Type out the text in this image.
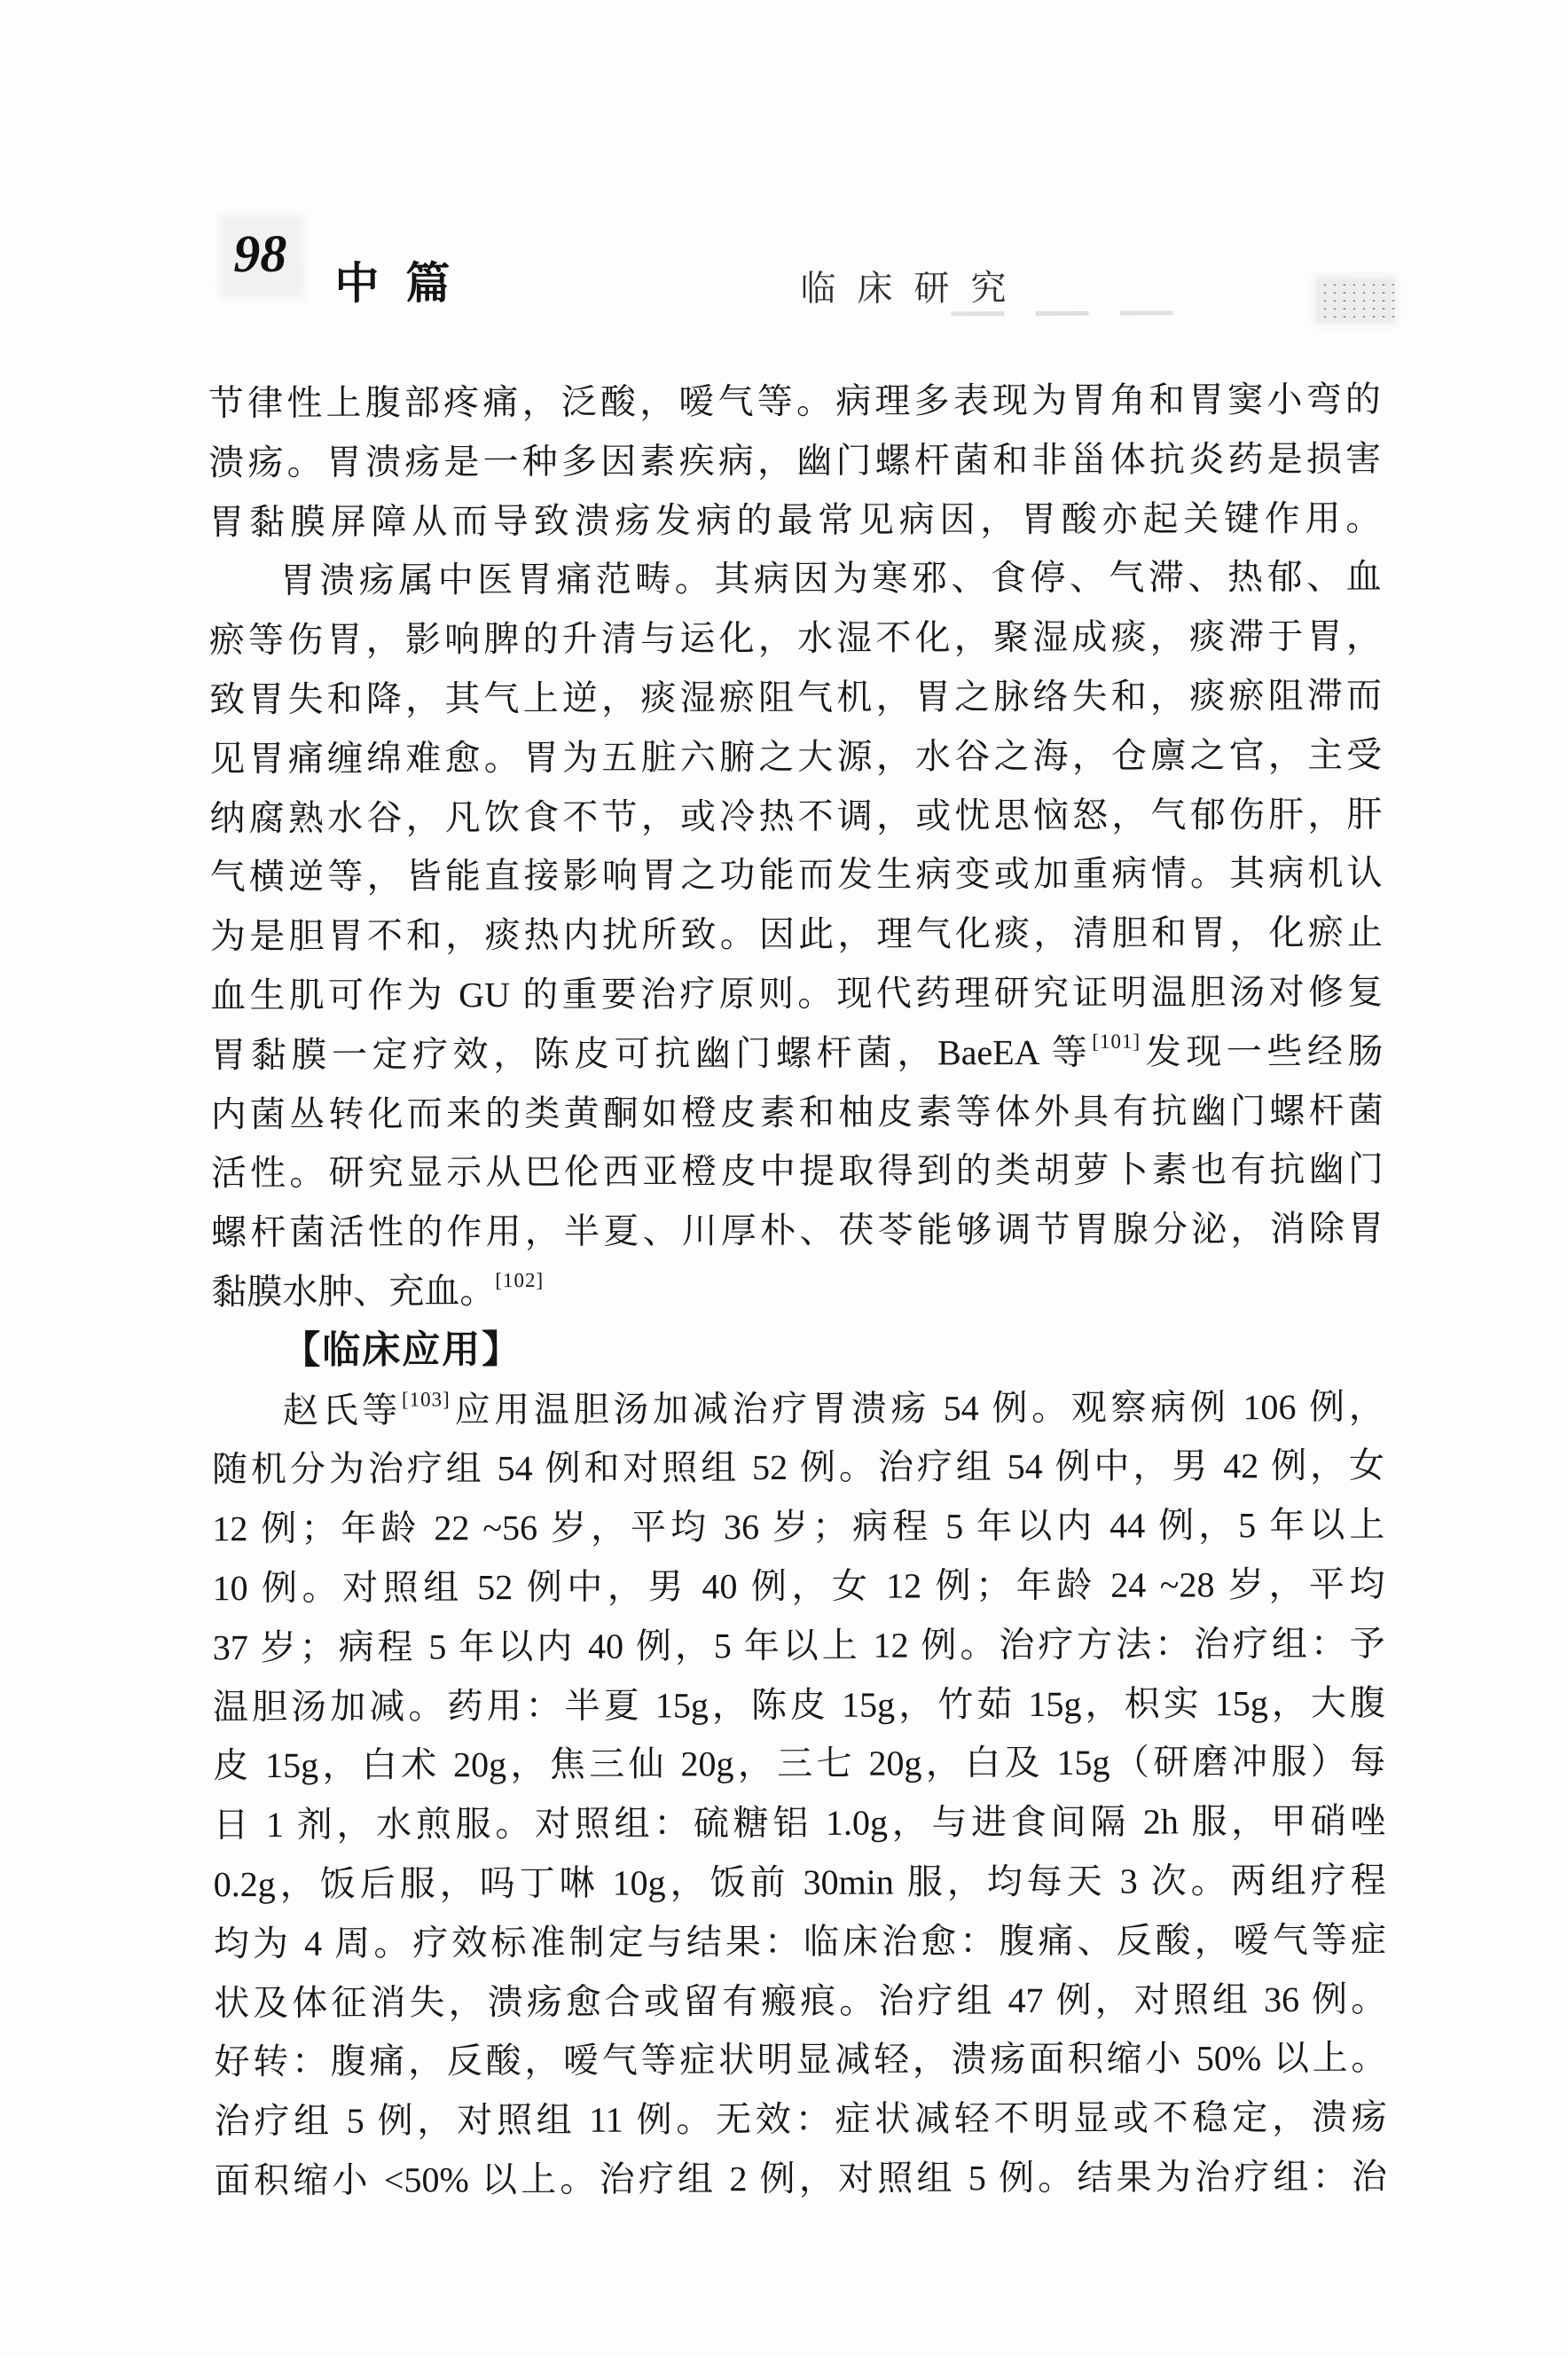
98
中篇	临床研究
节律性上腹部疼痛，泛酸，嗳气等。病理多表现为胃角和胃窦小弯的
溃疡。胃溃疡是一种多因素疾病，幽门螺杆菌和非甾体抗炎药是损害
胃黏膜屏障从而导致溃疡发病的最常见病因，胃酸亦起关键作用。
胃溃疡属中医胃痛范畴。其病因为寒邪、食停、气滞、热郁、血
瘀等伤胃，影响脾的升清与运化，水湿不化，聚湿成痰，痰滞于胃，
致胃失和降，其气上逆，痰湿瘀阻气机，胃之脉络失和，痰瘀阻滞而
见胃痛缠绵难愈。胃为五脏六腑之大源，水谷之海，仓廪之官，主受
纳腐熟水谷，凡饮食不节，或冷热不调，或忧思恼怒，气郁伤肝，肝
气横逆等，皆能直接影响胃之功能而发生病变或加重病情。其病机认
为是胆胃不和，痰热内扰所致。因此，理气化痰，清胆和胃，化瘀止
血生肌可作为 GU 的重要治疗原则。现代药理研究证明温胆汤对修复
胃黏膜一定疗效，陈皮可抗幽门螺杆菌，BaeEA 等[101]发现一些经肠
内菌丛转化而来的类黄酮如橙皮素和柚皮素等体外具有抗幽门螺杆菌
活性。研究显示从巴伦西亚橙皮中提取得到的类胡萝卜素也有抗幽门
螺杆菌活性的作用，半夏、川厚朴、茯苓能够调节胃腺分泌，消除胃
黏膜水肿、充血。[102]
【临床应用】
赵氏等[103]应用温胆汤加减治疗胃溃疡 54 例。观察病例 106 例，
随机分为治疗组 54 例和对照组 52 例。治疗组 54 例中，男 42 例，女
12 例；年龄 22 ~56 岁，平均 36 岁；病程 5 年以内 44 例，5 年以上
10 例。对照组 52 例中，男 40 例，女 12 例；年龄 24 ~28 岁，平均
37 岁；病程 5 年以内 40 例，5 年以上 12 例。治疗方法：治疗组：予
温胆汤加减。药用：半夏 15g，陈皮 15g，竹茹 15g，枳实 15g，大腹
皮 15g，白术 20g，焦三仙 20g，三七 20g，白及 15g（研磨冲服）每
日 1 剂，水煎服。对照组：硫糖铝 1.0g，与进食间隔 2h 服，甲硝唑
0.2g，饭后服，吗丁啉 10g，饭前 30min 服，均每天 3 次。两组疗程
均为 4 周。疗效标准制定与结果：临床治愈：腹痛、反酸，嗳气等症
状及体征消失，溃疡愈合或留有瘢痕。治疗组 47 例，对照组 36 例。
好转：腹痛，反酸，嗳气等症状明显减轻，溃疡面积缩小 50% 以上。
治疗组 5 例，对照组 11 例。无效：症状减轻不明显或不稳定，溃疡
面积缩小 <50% 以上。治疗组 2 例，对照组 5 例。结果为治疗组：治
